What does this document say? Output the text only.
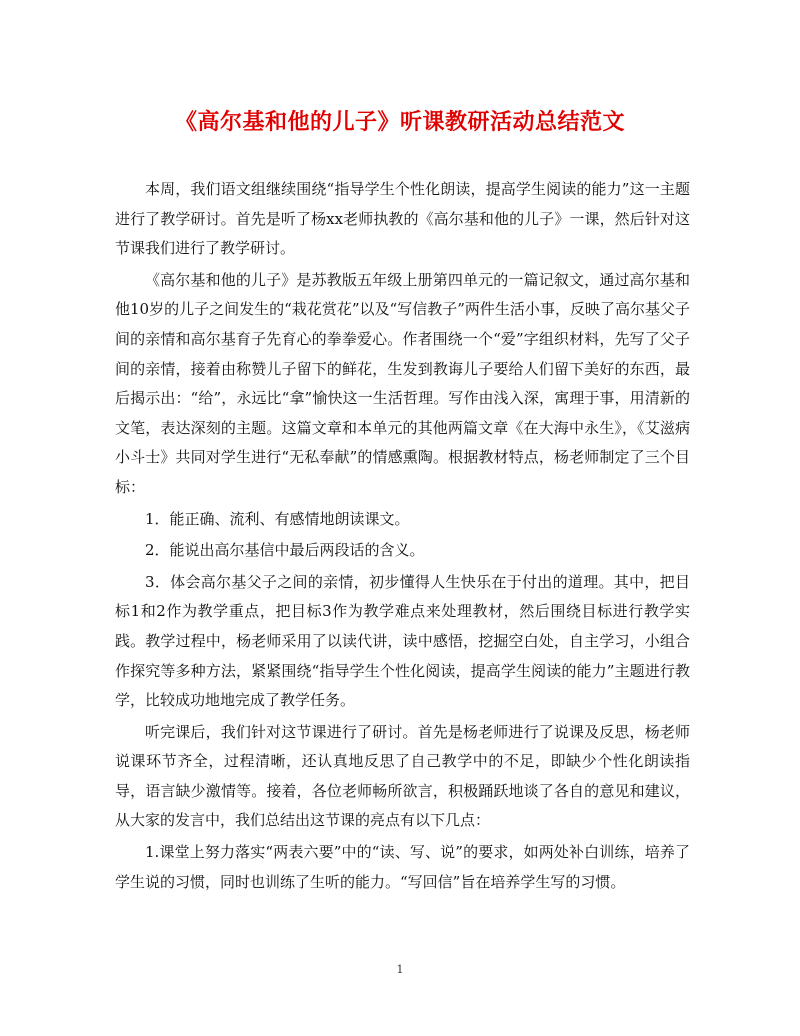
《高尔基和他的儿子》听课教研活动总结范文

本周，我们语文组继续围绕“指导学生个性化朗读，提高学生阅读的能力”这一主题进行了教学研讨。首先是听了杨xx老师执教的《高尔基和他的儿子》一课，然后针对这节课我们进行了教学研讨。

《高尔基和他的儿子》是苏教版五年级上册第四单元的一篇记叙文，通过高尔基和他10岁的儿子之间发生的“栽花赏花”以及“写信教子”两件生活小事，反映了高尔基父子间的亲情和高尔基育子先育心的拳拳爱心。作者围绕一个“爱”字组织材料，先写了父子间的亲情，接着由称赞儿子留下的鲜花，生发到教诲儿子要给人们留下美好的东西，最后揭示出：“给”，永远比“拿”愉快这一生活哲理。写作由浅入深，寓理于事，用清新的文笔，表达深刻的主题。这篇文章和本单元的其他两篇文章《在大海中永生》，《艾滋病小斗士》共同对学生进行“无私奉献”的情感熏陶。根据教材特点，杨老师制定了三个目标：

1．能正确、流利、有感情地朗读课文。

2．能说出高尔基信中最后两段话的含义。

3．体会高尔基父子之间的亲情，初步懂得人生快乐在于付出的道理。其中，把目标1和2作为教学重点，把目标3作为教学难点来处理教材，然后围绕目标进行教学实践。教学过程中，杨老师采用了以读代讲，读中感悟，挖掘空白处，自主学习，小组合作探究等多种方法，紧紧围绕“指导学生个性化阅读，提高学生阅读的能力”主题进行教学，比较成功地地完成了教学任务。

听完课后，我们针对这节课进行了研讨。首先是杨老师进行了说课及反思，杨老师说课环节齐全，过程清晰，还认真地反思了自己教学中的不足，即缺少个性化朗读指导，语言缺少激情等。接着，各位老师畅所欲言，积极踊跃地谈了各自的意见和建议，从大家的发言中，我们总结出这节课的亮点有以下几点：

1.课堂上努力落实“两表六要”中的“读、写、说”的要求，如两处补白训练，培养了学生说的习惯，同时也训练了生听的能力。“写回信”旨在培养学生写的习惯。

1
